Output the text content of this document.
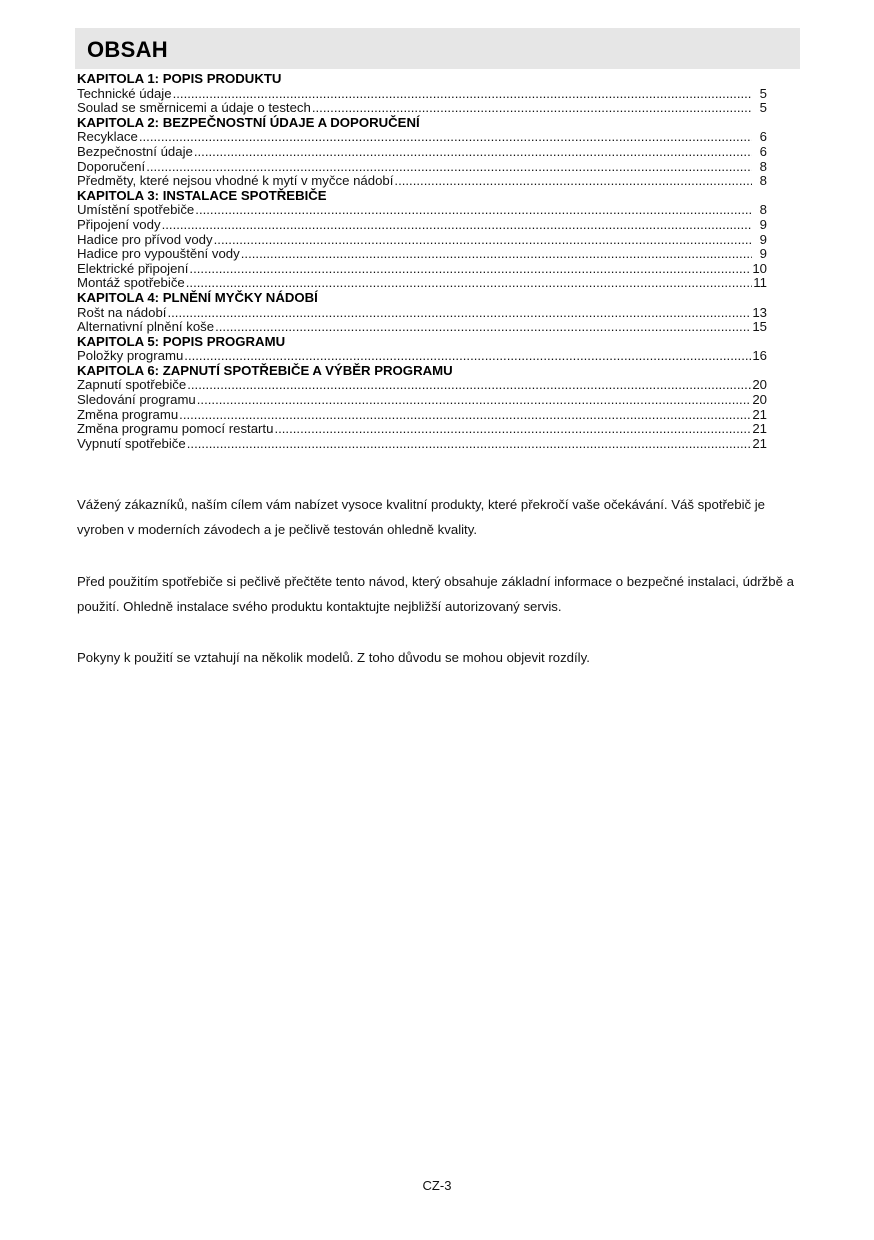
OBSAH
KAPITOLA 1: POPIS PRODUKTU
Technické údaje .....	5
Soulad se směrnicemi a údaje o testech .....	5
KAPITOLA 2: BEZPEČNOSTNÍ ÚDAJE A DOPORUČENÍ
Recyklace .....	6
Bezpečnostní údaje .....	6
Doporučení .....	8
Předměty, které nejsou vhodné k mytí v myčce nádobí .....	8
KAPITOLA 3: INSTALACE SPOTŘEBIČE
Umístění spotřebiče .....	8
Připojení vody .....	9
Hadice pro přívod vody .....	9
Hadice pro vypouštění vody .....	9
Elektrické připojení .....	10
Montáž spotřebiče .....	11
KAPITOLA 4: PLNĚNÍ MYČKY NÁDOBÍ
Rošt na nádobí .....	13
Alternativní plnění koše .....	15
KAPITOLA 5: POPIS PROGRAMU
Položky programu .....	16
KAPITOLA 6: ZAPNUTÍ SPOTŘEBIČE A VÝBĚR PROGRAMU
Zapnutí spotřebiče .....	20
Sledování programu .....	20
Změna programu .....	21
Změna programu pomocí restartu .....	21
Vypnutí spotřebiče .....	21

Vážený zákazníků, naším cílem vám nabízet vysoce kvalitní produkty, které překročí vaše očekávání. Váš spotřebič je vyroben v moderních závodech a je pečlivě testován ohledně kvality.

Před použitím spotřebiče si pečlivě přečtěte tento návod, který obsahuje základní informace o bezpečné instalaci, údržbě a použití. Ohledně instalace svého produktu kontaktujte nejbližší autorizovaný servis.

Pokyny k použití se vztahují na několik modelů. Z toho důvodu se mohou objevit rozdíly.

CZ-3
